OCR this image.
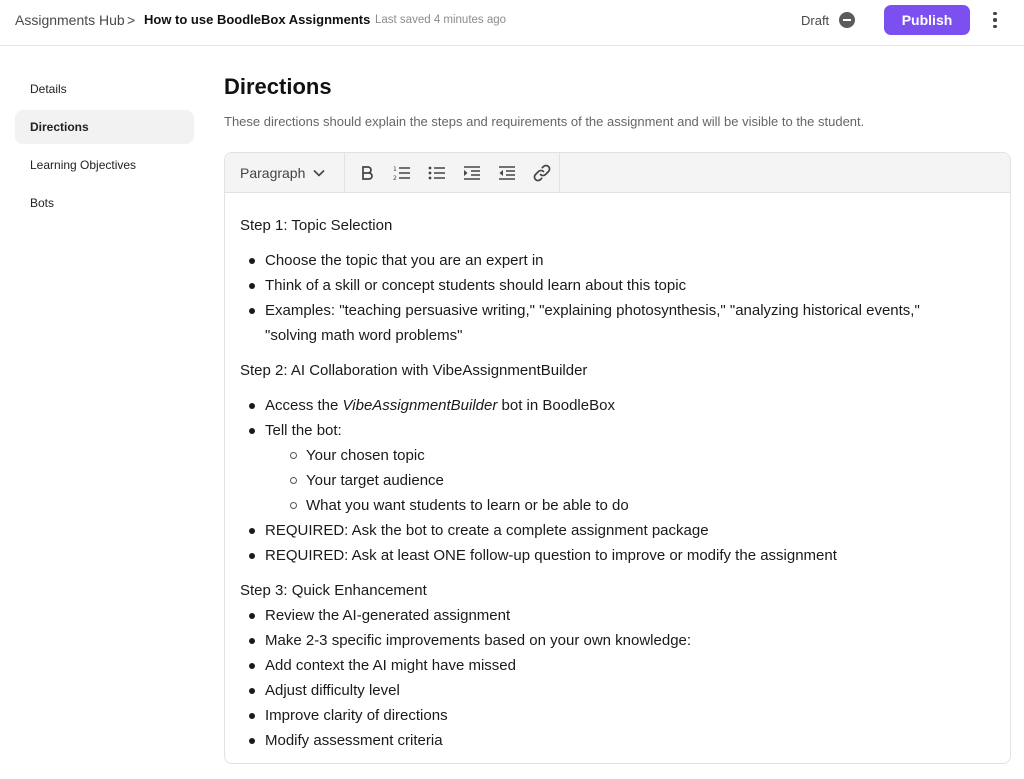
Assignments Hub > How to use BoodleBox Assignments Last saved 4 minutes ago	Draft	Publish
Details
Directions
Learning Objectives
Bots
Directions

These directions should explain the steps and requirements of the assignment and will be visible to the student.

Paragraph	1
2
Step 1: Topic Selection
Choose the topic that you are an expert in
Think of a skill or concept students should learn about this topic
Examples: "teaching persuasive writing," "explaining photosynthesis," "analyzing historical events," "solving math word problems"
Step 2: AI Collaboration with VibeAssignmentBuilder
Access the VibeAssignmentBuilder bot in BoodleBox
Tell the bot:
Your chosen topic
Your target audience
What you want students to learn or be able to do
REQUIRED: Ask the bot to create a complete assignment package
REQUIRED: Ask at least ONE follow-up question to improve or modify the assignment
Step 3: Quick Enhancement
Review the AI-generated assignment
Make 2-3 specific improvements based on your own knowledge:
Add context the AI might have missed
Adjust difficulty level
Improve clarity of directions
Modify assessment criteria
